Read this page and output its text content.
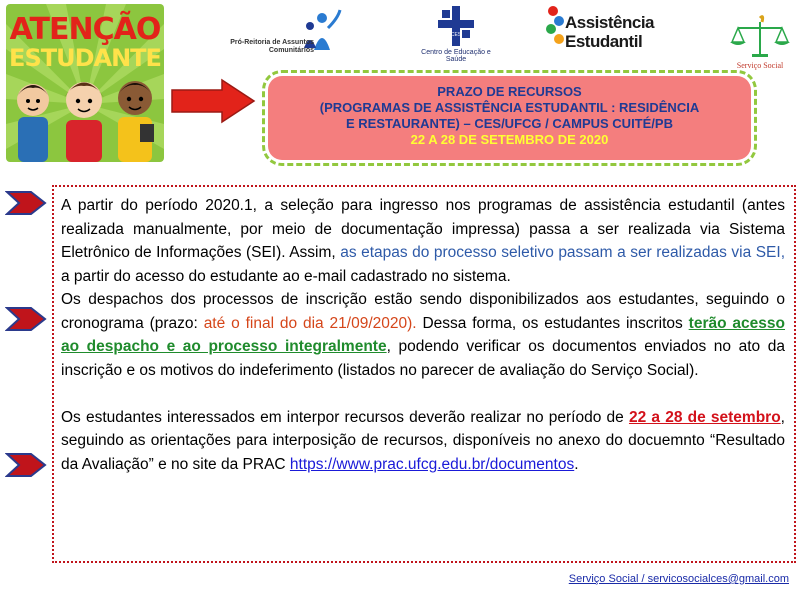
ATENÇÃO
ESTUDANTE
Pró-Reitoria de Assuntos Comunitários
CES
Centro de Educação e Saúde
Assistência
Estudantil
Serviço Social
PRAZO DE RECURSOS
(PROGRAMAS DE ASSISTÊNCIA ESTUDANTIL : RESIDÊNCIA
E RESTAURANTE) – CES/UFCG / CAMPUS CUITÉ/PB
22 A 28 DE SETEMBRO DE 2020

A partir do período 2020.1, a seleção para ingresso nos programas de assistência estudantil (antes realizada manualmente, por meio de documentação impressa) passa a ser realizada via Sistema Eletrônico de Informações (SEI). Assim, as etapas do processo seletivo passam a ser realizadas via SEI, a partir do acesso do estudante ao e-mail cadastrado no sistema.

Os despachos dos processos de inscrição estão sendo disponibilizados aos estudantes, seguindo o cronograma (prazo: até o final do dia 21/09/2020). Dessa forma, os estudantes inscritos terão acesso ao despacho e ao processo integralmente, podendo verificar os documentos enviados no ato da inscrição e os motivos do indeferimento (listados no parecer de avaliação do Serviço Social).

Os estudantes interessados em interpor recursos deverão realizar no período de 22 a 28 de setembro, seguindo as orientações para interposição de recursos, disponíveis no anexo do docuemnto “Resultado da Avaliação” e no site da PRAC https://www.prac.ufcg.edu.br/documentos.

Serviço Social / servicosocialces@gmail.com
